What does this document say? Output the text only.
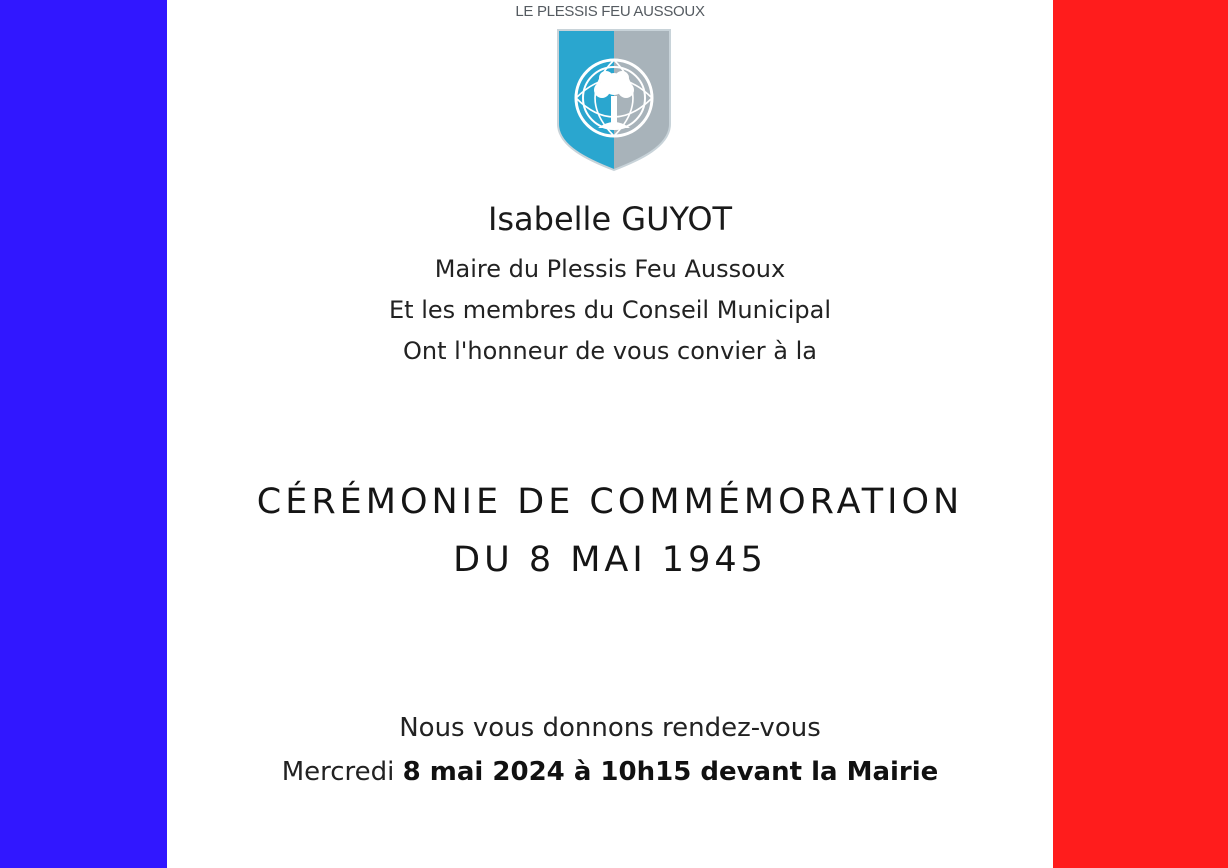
LE PLESSIS FEU AUSSOUX
Isabelle GUYOT
Maire du Plessis Feu Aussoux
Et les membres du Conseil Municipal
Ont l'honneur de vous convier à la
CÉRÉMONIE DE COMMÉMORATION
DU 8 MAI 1945
Nous vous donnons rendez-vous
Mercredi 8 mai 2024 à 10h15 devant la Mairie
